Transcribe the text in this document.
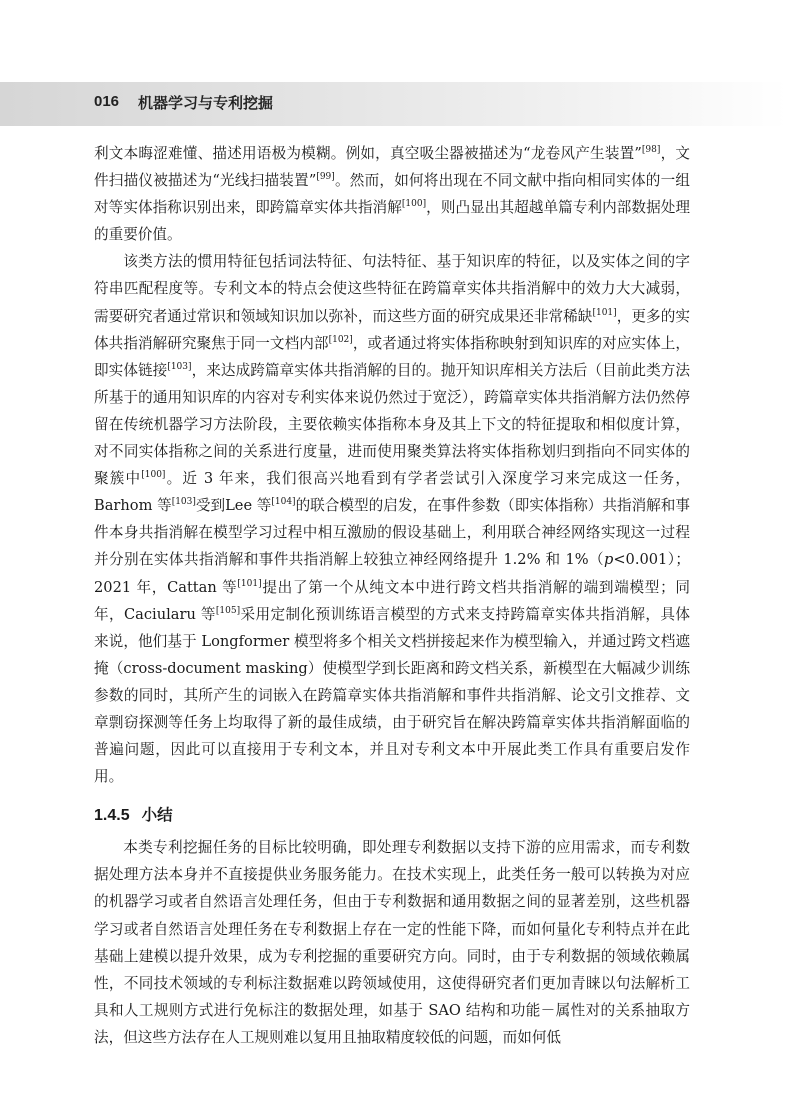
016 机器学习与专利挖掘

利文本晦涩难懂、描述用语极为模糊。例如，真空吸尘器被描述为“龙卷风产生装置”[98]，文件扫描仪被描述为“光线扫描装置”[99]。然而，如何将出现在不同文献中指向相同实体的一组对等实体指称识别出来，即跨篇章实体共指消解[100]，则凸显出其超越单篇专利内部数据处理的重要价值。

该类方法的惯用特征包括词法特征、句法特征、基于知识库的特征，以及实体之间的字符串匹配程度等。专利文本的特点会使这些特征在跨篇章实体共指消解中的效力大大减弱，需要研究者通过常识和领域知识加以弥补，而这些方面的研究成果还非常稀缺[101]，更多的实体共指消解研究聚焦于同一文档内部[102]，或者通过将实体指称映射到知识库的对应实体上，即实体链接[103]，来达成跨篇章实体共指消解的目的。抛开知识库相关方法后（目前此类方法所基于的通用知识库的内容对专利实体来说仍然过于宽泛），跨篇章实体共指消解方法仍然停留在传统机器学习方法阶段，主要依赖实体指称本身及其上下文的特征提取和相似度计算，对不同实体指称之间的关系进行度量，进而使用聚类算法将实体指称划归到指向不同实体的聚簇中[100]。近 3 年来，我们很高兴地看到有学者尝试引入深度学习来完成这一任务，Barhom 等[103]受到Lee 等[104]的联合模型的启发，在事件参数（即实体指称）共指消解和事件本身共指消解在模型学习过程中相互激励的假设基础上，利用联合神经网络实现这一过程并分别在实体共指消解和事件共指消解上较独立神经网络提升 1.2% 和 1%（p<0.001）；2021 年，Cattan 等[101]提出了第一个从纯文本中进行跨文档共指消解的端到端模型；同年，Caciularu 等[105]采用定制化预训练语言模型的方式来支持跨篇章实体共指消解，具体来说，他们基于 Longformer 模型将多个相关文档拼接起来作为模型输入，并通过跨文档遮掩（cross-document masking）使模型学到长距离和跨文档关系，新模型在大幅减少训练参数的同时，其所产生的词嵌入在跨篇章实体共指消解和事件共指消解、论文引文推荐、文章剽窃探测等任务上均取得了新的最佳成绩，由于研究旨在解决跨篇章实体共指消解面临的普遍问题，因此可以直接用于专利文本，并且对专利文本中开展此类工作具有重要启发作用。

1.4.5 小结

本类专利挖掘任务的目标比较明确，即处理专利数据以支持下游的应用需求，而专利数据处理方法本身并不直接提供业务服务能力。在技术实现上，此类任务一般可以转换为对应的机器学习或者自然语言处理任务，但由于专利数据和通用数据之间的显著差别，这些机器学习或者自然语言处理任务在专利数据上存在一定的性能下降，而如何量化专利特点并在此基础上建模以提升效果，成为专利挖掘的重要研究方向。同时，由于专利数据的领域依赖属性，不同技术领域的专利标注数据难以跨领域使用，这使得研究者们更加青睐以句法解析工具和人工规则方式进行免标注的数据处理，如基于 SAO 结构和功能－属性对的关系抽取方法，但这些方法存在人工规则难以复用且抽取精度较低的问题，而如何低
